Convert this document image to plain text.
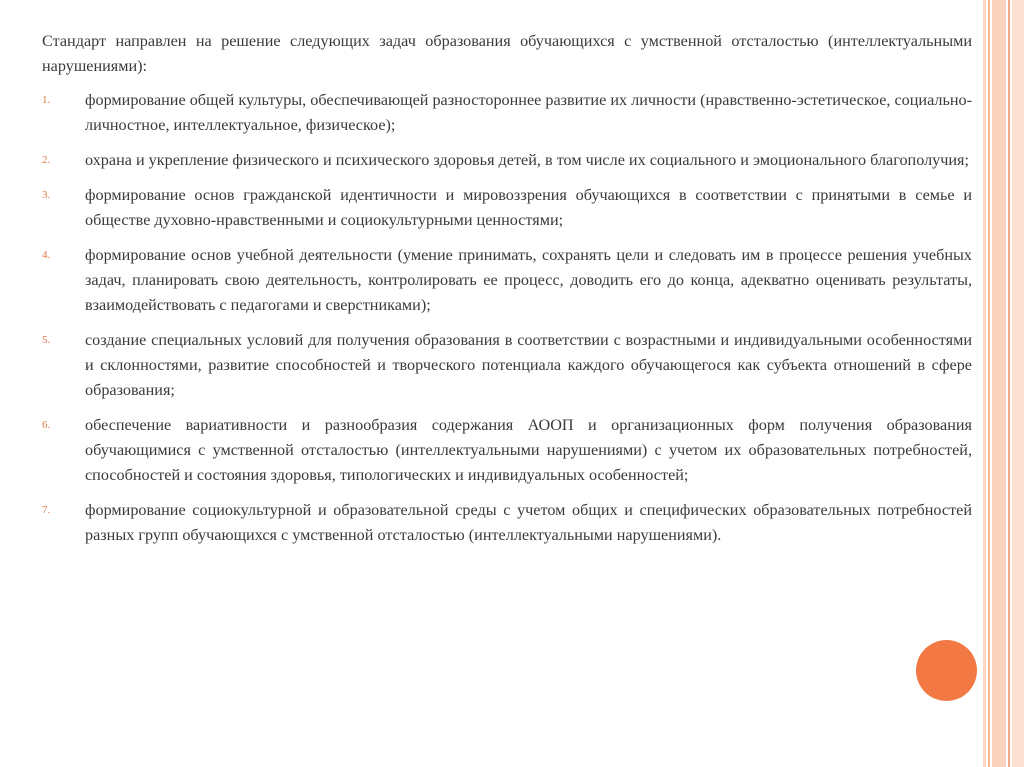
Стандарт направлен на решение следующих задач образования обучающихся с умственной отсталостью (интеллектуальными нарушениями):

1.	формирование общей культуры, обеспечивающей разностороннее развитие их личности (нравственно-эстетическое, социально-личностное, интеллектуальное, физическое);
2.	охрана и укрепление физического и психического здоровья детей, в том числе их социального и эмоционального благополучия;
3.	формирование основ гражданской идентичности и мировоззрения обучающихся в соответствии с принятыми в семье и обществе духовно-нравственными и социокультурными ценностями;
4.	формирование основ учебной деятельности (умение принимать, сохранять цели и следовать им в процессе решения учебных задач, планировать свою деятельность, контролировать ее процесс, доводить его до конца, адекватно оценивать результаты, взаимодействовать с педагогами и сверстниками);
5.	создание специальных условий для получения образования в соответствии с возрастными и индивидуальными особенностями и склонностями, развитие способностей и творческого потенциала каждого обучающегося как субъекта отношений в сфере образования;
6.	обеспечение вариативности и разнообразия содержания АООП и организационных форм получения образования обучающимися с умственной отсталостью (интеллектуальными нарушениями) с учетом их образовательных потребностей, способностей и состояния здоровья, типологических и индивидуальных особенностей;
7.	формирование социокультурной и образовательной среды с учетом общих и специфических образовательных потребностей разных групп обучающихся с умственной отсталостью (интеллектуальными нарушениями).
